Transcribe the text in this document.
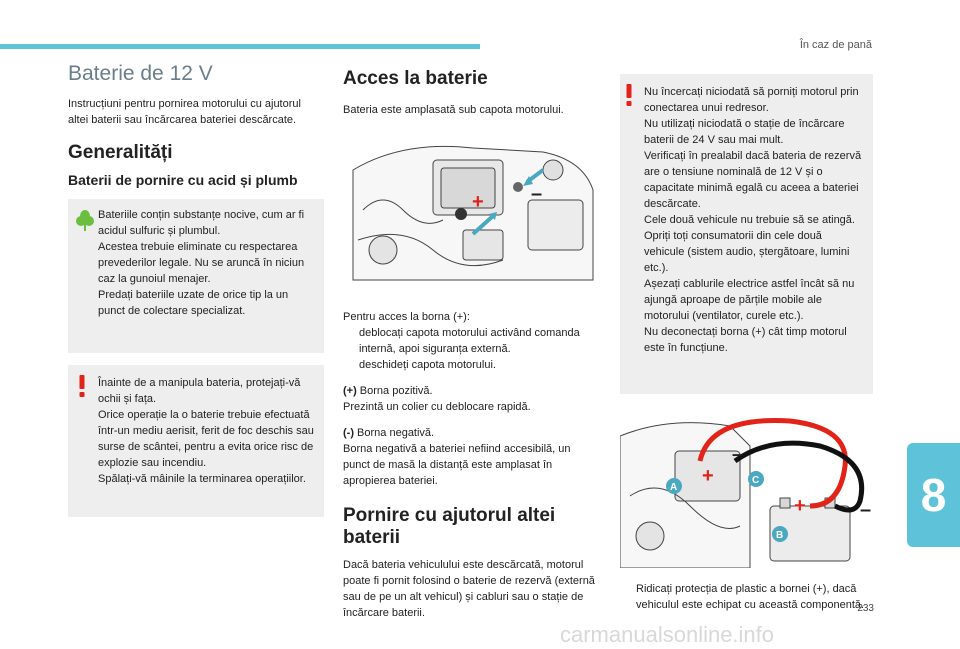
În caz de pană
8
233
carmanualsonline.info
Baterie de 12 V

Instrucțiuni pentru pornirea motorului cu ajutorul altei baterii sau încărcarea bateriei descărcate.

Generalități
Baterii de pornire cu acid și plumb
Bateriile conțin substanțe nocive, cum ar fi acidul sulfuric și plumbul.
Acestea trebuie eliminate cu respectarea prevederilor legale. Nu se aruncă în niciun caz la gunoiul menajer.
Predați bateriile uzate de orice tip la un punct de colectare specializat.
Înainte de a manipula bateria, protejați-vă ochii și fața.
Orice operație la o baterie trebuie efectuată într-un mediu aerisit, ferit de foc deschis sau surse de scântei, pentru a evita orice risc de explozie sau incendiu.
Spălați-vă mâinile la terminarea operațiilor.
Acces la baterie

Bateria este amplasată sub capota motorului.

+ –

Pentru acces la borna (+):

deblocați capota motorului activând comanda internă, apoi siguranța externă.
deschideți capota motorului.

(+) Borna pozitivă.
Prezintă un colier cu deblocare rapidă.

(-) Borna negativă.
Borna negativă a bateriei nefiind accesibilă, un punct de masă la distanță este amplasat în apropierea bateriei.

Pornire cu ajutorul altei baterii

Dacă bateria vehiculului este descărcată, motorul poate fi pornit folosind o baterie de rezervă (externă sau de pe un alt vehicul) și cabluri sau o stație de încărcare baterii.

Nu încercați niciodată să porniți motorul prin conectarea unui redresor.
Nu utilizați niciodată o stație de încărcare baterii de 24 V sau mai mult.
Verificați în prealabil dacă bateria de rezervă are o tensiune nominală de 12 V și o capacitate minimă egală cu aceea a bateriei descărcate.
Cele două vehicule nu trebuie să se atingă.
Opriți toți consumatorii din cele două vehicule (sistem audio, ștergătoare, lumini etc.).
Așezați cablurile electrice astfel încât să nu ajungă aproape de părțile mobile ale motorului (ventilator, curele etc.).
Nu deconectați borna (+) cât timp motorul este în funcțiune.
+
+	–
–
A
C
B
Ridicați protecția de plastic a bornei (+), dacă vehiculul este echipat cu această componentă.
